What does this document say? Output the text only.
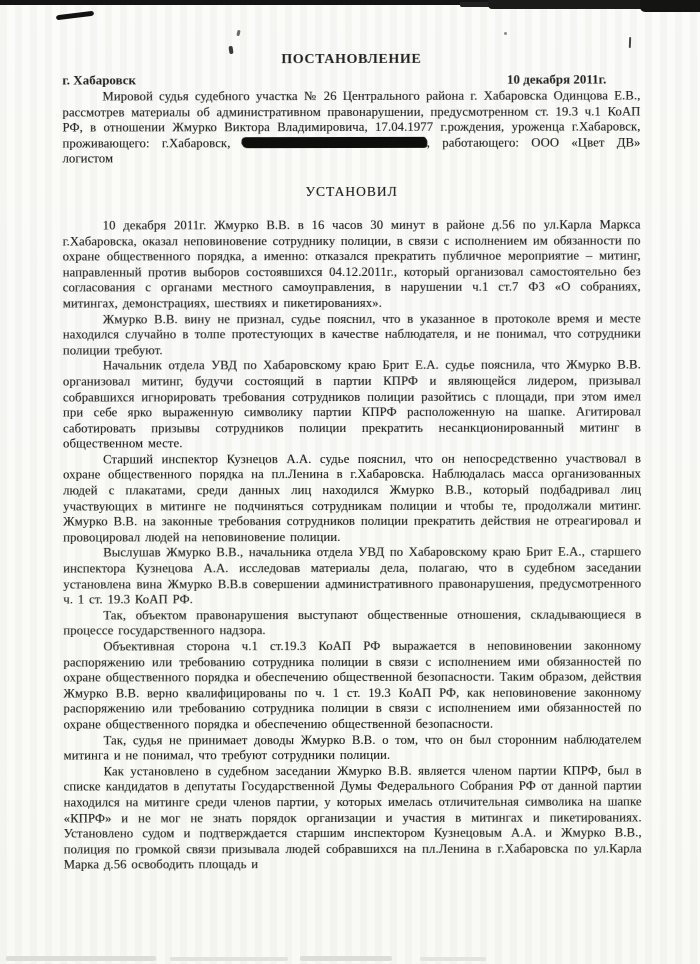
ПОСТАНОВЛЕНИЕ
г. Хабаровск	10 декабря 2011г.

Мировой судья судебного участка № 26 Центрального района г. Хабаровска Одинцова Е.В., рассмотрев материалы об административном правонарушении, предусмотренном ст. 19.3 ч.1 КоАП РФ, в отношении Жмурко Виктора Владимировича, 17.04.1977 г.рождения, уроженца г.Хабаровск, проживающего: г.Хабаровск,	, работающего: ООО «Цвет ДВ» логистом

УСТАНОВИЛ

10 декабря 2011г. Жмурко В.В. в 16 часов 30 минут в районе д.56 по ул.Карла Маркса г.Хабаровска, оказал неповиновение сотруднику полиции, в связи с исполнением им обязанности по охране общественного порядка, а именно: отказался прекратить публичное мероприятие – митинг, направленный против выборов состоявшихся 04.12.2011г., который организовал самостоятельно без согласования с органами местного самоуправления, в нарушении ч.1 ст.7 ФЗ «О собраниях, митингах, демонстрациях, шествиях и пикетированиях».

Жмурко В.В. вину не признал, судье пояснил, что в указанное в протоколе время и месте находился случайно в толпе протестующих в качестве наблюдателя, и не понимал, что сотрудники полиции требуют.

Начальник отдела УВД по Хабаровскому краю Брит Е.А. судье пояснила, что Жмурко В.В. организовал митинг, будучи состоящий в партии КПРФ и являющейся лидером, призывал собравшихся игнорировать требования сотрудников полиции разойтись с площади, при этом имел при себе ярко выраженную символику партии КПРФ расположенную на шапке. Агитировал саботировать призывы сотрудников полиции прекратить несанкционированный митинг в общественном месте.

Старший инспектор Кузнецов А.А. судье пояснил, что он непосредственно участвовал в охране общественного порядка на пл.Ленина в г.Хабаровска. Наблюдалась масса организованных людей с плакатами, среди данных лиц находился Жмурко В.В., который подбадривал лиц участвующих в митинге не подчиняться сотрудникам полиции и чтобы те, продолжали митинг. Жмурко В.В. на законные требования сотрудников полиции прекратить действия не отреагировал и провоцировал людей на неповиновение полиции.

Выслушав Жмурко В.В., начальника отдела УВД по Хабаровскому краю Брит Е.А., старшего инспектора Кузнецова А.А. исследовав материалы дела, полагаю, что в судебном заседании установлена вина Жмурко В.В.в совершении административного правонарушения, предусмотренного ч. 1 ст. 19.3 КоАП РФ.

Так, объектом правонарушения выступают общественные отношения, складывающиеся в процессе государственного надзора.

Объективная сторона ч.1 ст.19.3 КоАП РФ выражается в неповиновении законному распоряжению или требованию сотрудника полиции в связи с исполнением ими обязанностей по охране общественного порядка и обеспечению общественной безопасности. Таким образом, действия Жмурко В.В. верно квалифицированы по ч. 1 ст. 19.3 КоАП РФ, как неповиновение законному распоряжению или требованию сотрудника полиции в связи с исполнением ими обязанностей по охране общественного порядка и обеспечению общественной безопасности.

Так, судья не принимает доводы Жмурко В.В. о том, что он был сторонним наблюдателем митинга и не понимал, что требуют сотрудники полиции.

Как установлено в судебном заседании Жмурко В.В. является членом партии КПРФ, был в списке кандидатов в депутаты Государственной Думы Федерального Собрания РФ от данной партии находился на митинге среди членов партии, у которых имелась отличительная символика на шапке «КПРФ» и не мог не знать порядок организации и участия в митингах и пикетированиях. Установлено судом и подтверждается старшим инспектором Кузнецовым А.А. и Жмурко В.В., полиция по громкой связи призывала людей собравшихся на пл.Ленина в г.Хабаровска по ул.Карла Марка д.56 освободить площадь и
